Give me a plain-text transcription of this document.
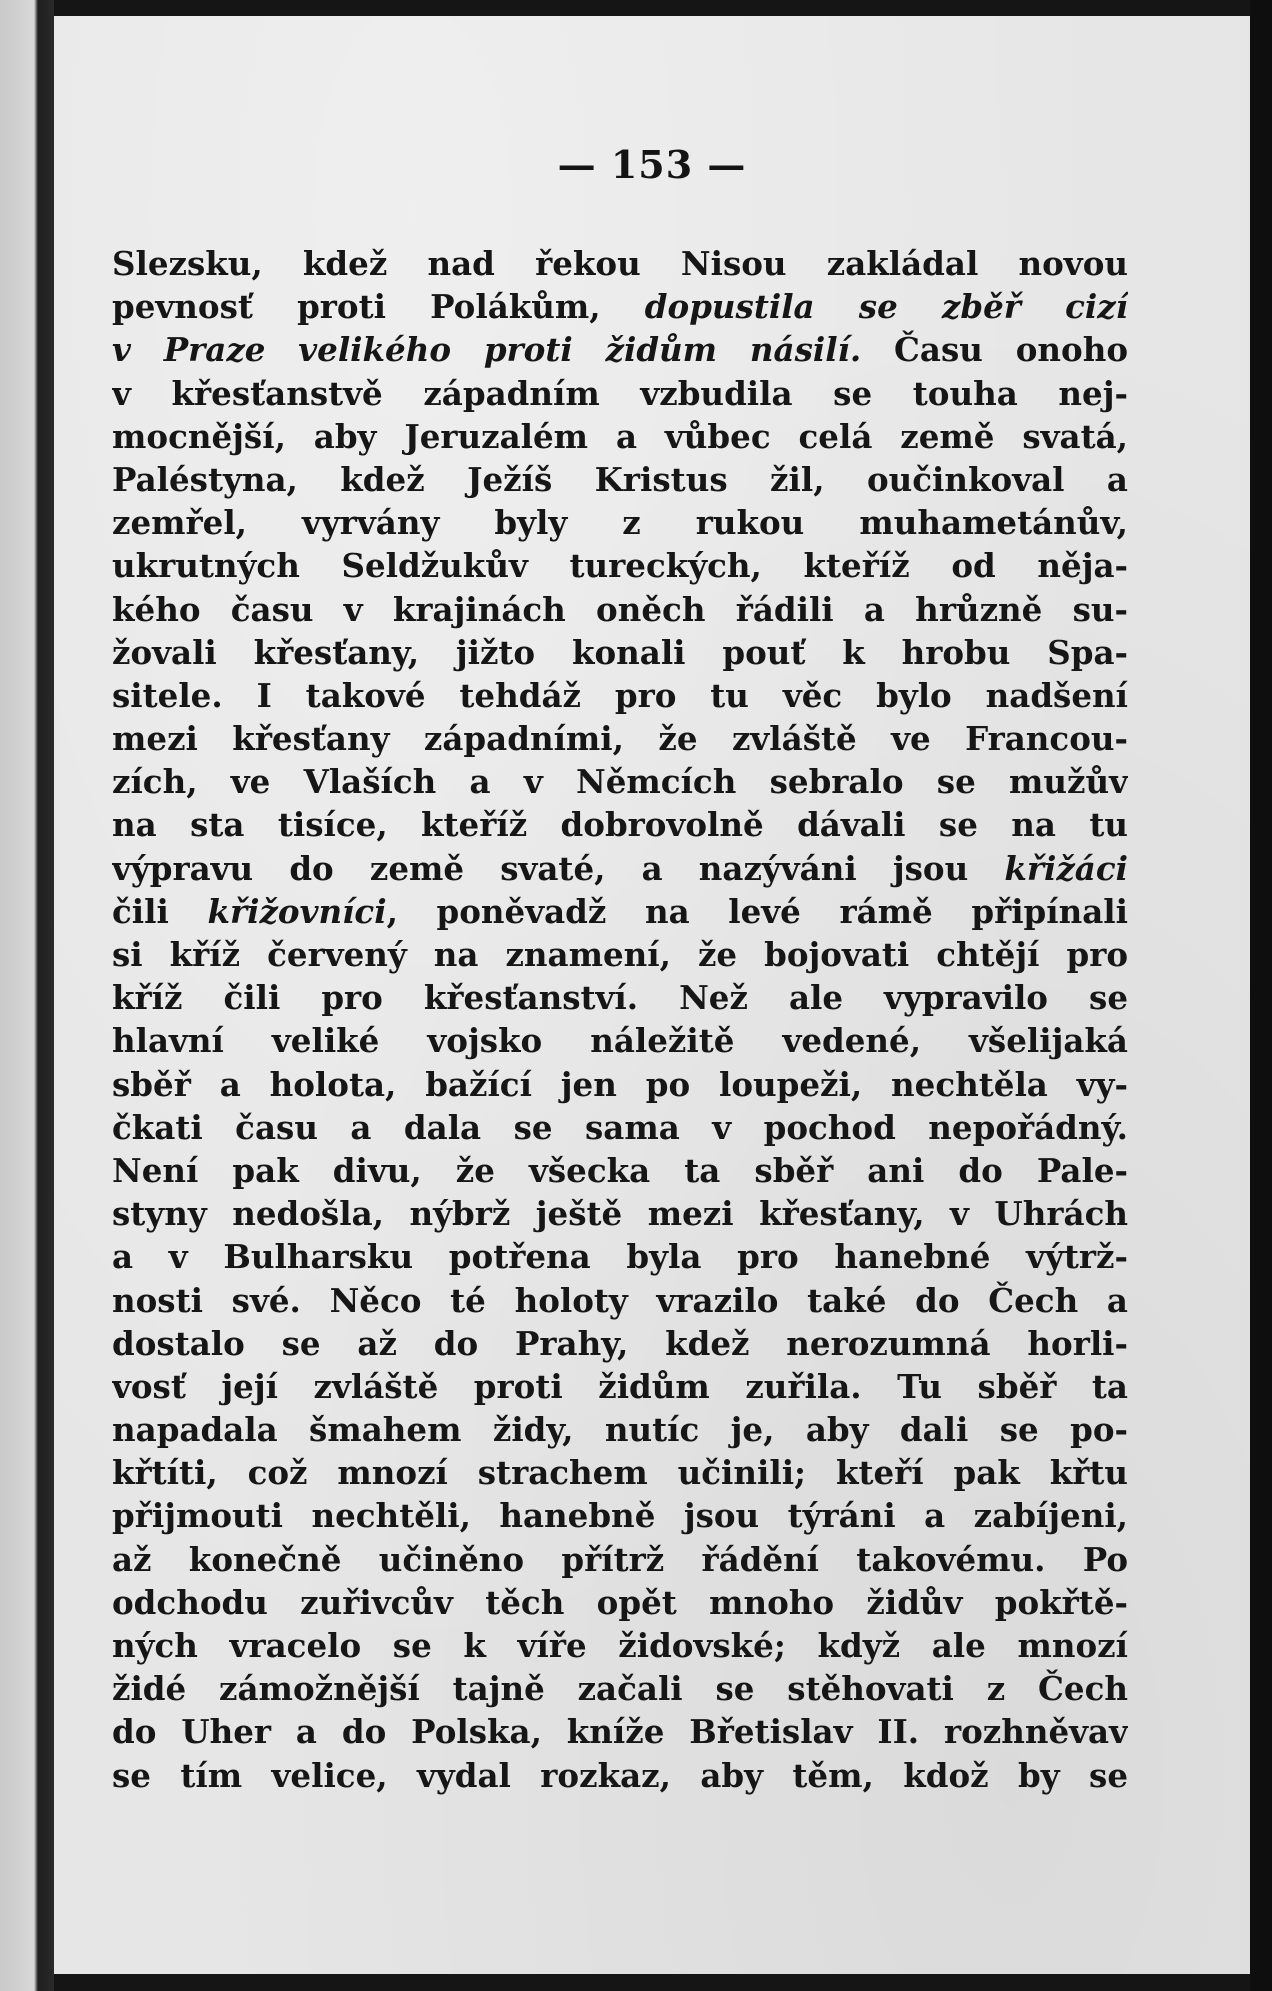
— 153 —
Slezsku, kdež nad řekou Nisou zakládal novou
pevnosť proti Polákům, dopustila se zběř cizí
v Praze velikého proti židům násilí. Času onoho
v křesťanstvě západním vzbudila se touha nej-
mocnější, aby Jeruzalém a vůbec celá země svatá,
Paléstyna, kdež Ježíš Kristus žil, oučinkoval a
zemřel, vyrvány byly z rukou muhametánův,
ukrutných Seldžukův tureckých, kteříž od něja-
kého času v krajinách oněch řádili a hrůzně su-
žovali křesťany, jižto konali pouť k hrobu Spa-
sitele. I takové tehdáž pro tu věc bylo nadšení
mezi křesťany západními, že zvláště ve Francou-
zích, ve Vlaších a v Němcích sebralo se mužův
na sta tisíce, kteříž dobrovolně dávali se na tu
výpravu do země svaté, a nazýváni jsou křižáci
čili křižovníci, poněvadž na levé rámě připínali
si kříž červený na znamení, že bojovati chtějí pro
kříž čili pro křesťanství. Než ale vypravilo se
hlavní veliké vojsko náležitě vedené, všelijaká
sběř a holota, bažící jen po loupeži, nechtěla vy-
čkati času a dala se sama v pochod nepořádný.
Není pak divu, že všecka ta sběř ani do Pale-
styny nedošla, nýbrž ještě mezi křesťany, v Uhrách
a v Bulharsku potřena byla pro hanebné výtrž-
nosti své. Něco té holoty vrazilo také do Čech a
dostalo se až do Prahy, kdež nerozumná horli-
vosť její zvláště proti židům zuřila. Tu sběř ta
napadala šmahem židy, nutíc je, aby dali se po-
křtíti, což mnozí strachem učinili; kteří pak křtu
přijmouti nechtěli, hanebně jsou týráni a zabíjeni,
až konečně učiněno přítrž řádění takovému. Po
odchodu zuřivcův těch opět mnoho židův pokřtě-
ných vracelo se k víře židovské; když ale mnozí
židé zámožnější tajně začali se stěhovati z Čech
do Uher a do Polska, kníže Břetislav II. rozhněvav
se tím velice, vydal rozkaz, aby těm, kdož by se
